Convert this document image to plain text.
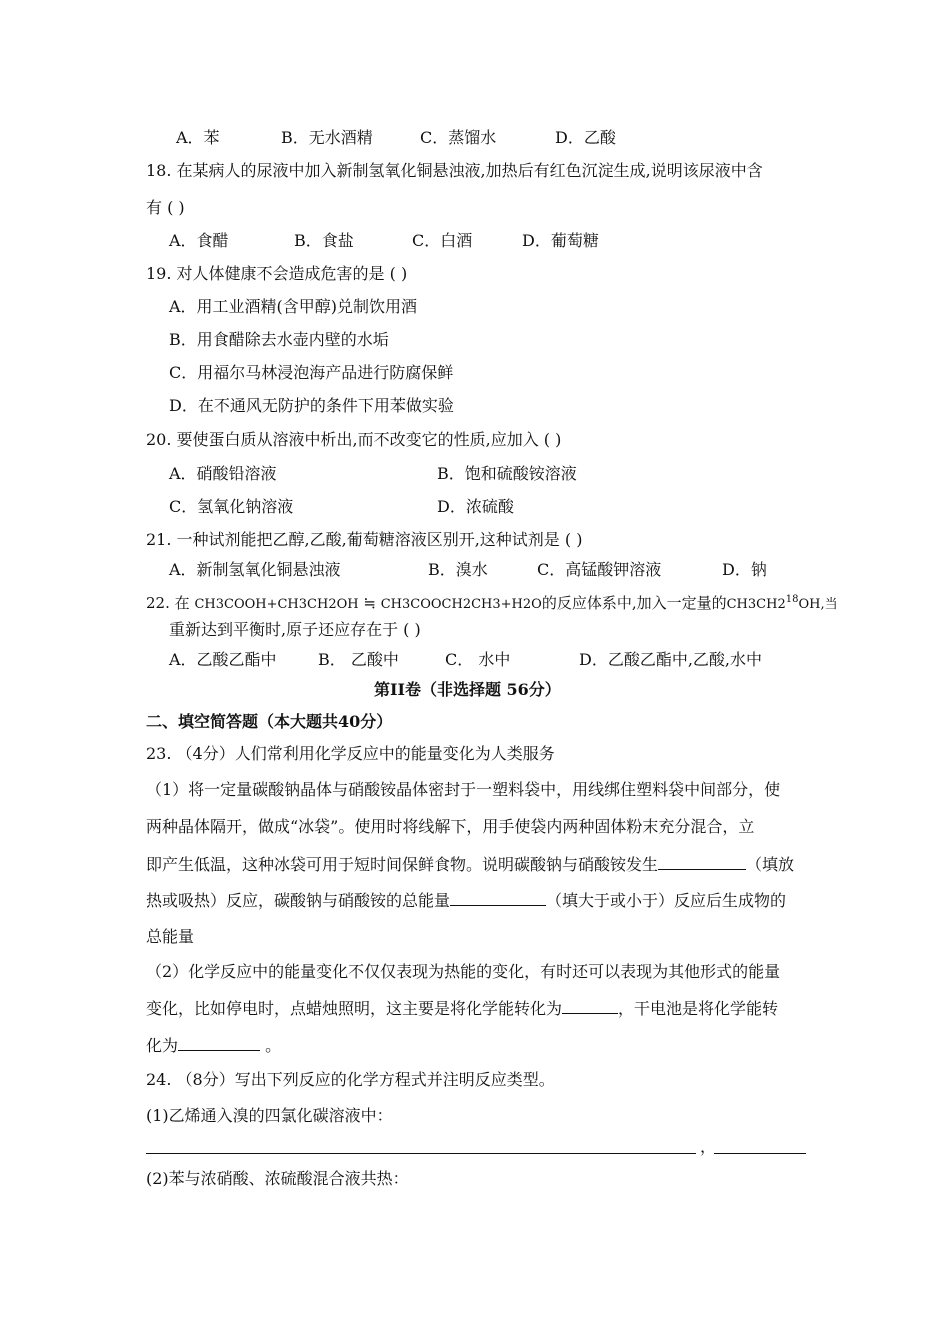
A．苯	B．无水酒精	C．蒸馏水	D．乙酸
18. 在某病人的尿液中加入新制氢氧化铜悬浊液,加热后有红色沉淀生成,说明该尿液中含
有 ( )
A．食醋	B．食盐	C．白酒	D．葡萄糖
19. 对人体健康不会造成危害的是 ( )
A．用工业酒精(含甲醇)兑制饮用酒
B．用食醋除去水壶内壁的水垢
C．用福尔马林浸泡海产品进行防腐保鲜
D．在不通风无防护的条件下用苯做实验
20. 要使蛋白质从溶液中析出,而不改变它的性质,应加入 ( )
A．硝酸铅溶液	B．饱和硫酸铵溶液
C．氢氧化钠溶液	D．浓硫酸
21. 一种试剂能把乙醇,乙酸,葡萄糖溶液区别开,这种试剂是 ( )
A．新制氢氧化铜悬浊液	B．溴水	C．高锰酸钾溶液	D．钠
22. 在 CH3COOH+CH3CH2OH ≒ CH3COOCH2CH3+H2O的反应体系中,加入一定量的$CH3CH2^{18}OH$,当
重新达到平衡时,原子还应存在于 ( )
A．乙酸乙酯中	B． 乙酸中	C． 水中	D．乙酸乙酯中,乙酸,水中
第II卷（非选择题 56分）
二、填空简答题（本大题共40分）
23. （4分）人们常利用化学反应中的能量变化为人类服务
（1）将一定量碳酸钠晶体与硝酸铵晶体密封于一塑料袋中，用线绑住塑料袋中间部分，使
两种晶体隔开，做成“冰袋”。使用时将线解下，用手使袋内两种固体粉末充分混合，立
即产生低温，这种冰袋可用于短时间保鲜食物。说明碳酸钠与硝酸铵发生	（填放
热或吸热）反应，碳酸钠与硝酸铵的总能量	（填大于或小于）反应后生成物的
总能量
（2）化学反应中的能量变化不仅仅表现为热能的变化，有时还可以表现为其他形式的能量
变化，比如停电时，点蜡烛照明，这主要是将化学能转化为	，干电池是将化学能转
化为	。
24. （8分）写出下列反应的化学方程式并注明反应类型。
(1)乙烯通入溴的四氯化碳溶液中：
，
(2)苯与浓硝酸、浓硫酸混合液共热：
